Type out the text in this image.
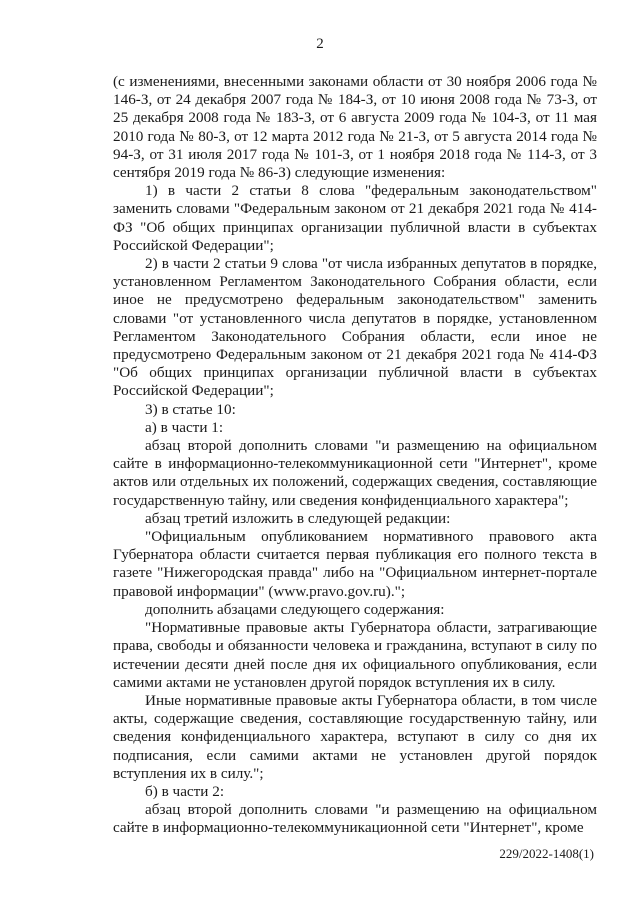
2

(с изменениями, внесенными законами области от 30 ноября 2006 года № 146-З, от 24 декабря 2007 года № 184-З, от 10 июня 2008 года № 73-З, от 25 декабря 2008 года № 183-З, от 6 августа 2009 года № 104-З, от 11 мая 2010 года № 80-З, от 12 марта 2012 года № 21-З, от 5 августа 2014 года № 94-З, от 31 июля 2017 года № 101-З, от 1 ноября 2018 года № 114-З, от 3 сентября 2019 года № 86-З) следующие изменения:

1) в части 2 статьи 8 слова "федеральным законодательством" заменить словами "Федеральным законом от 21 декабря 2021 года № 414-ФЗ "Об общих принципах организации публичной власти в субъектах Российской Федерации";

2) в части 2 статьи 9 слова "от числа избранных депутатов в порядке, установленном Регламентом Законодательного Собрания области, если иное не предусмотрено федеральным законодательством" заменить словами "от установленного числа депутатов в порядке, установленном Регламентом Законодательного Собрания области, если иное не предусмотрено Федеральным законом от 21 декабря 2021 года № 414-ФЗ "Об общих принципах организации публичной власти в субъектах Российской Федерации";

3) в статье 10:

а) в части 1:

абзац второй дополнить словами "и размещению на официальном сайте в информационно-телекоммуникационной сети "Интернет", кроме актов или отдельных их положений, содержащих сведения, составляющие государственную тайну, или сведения конфиденциального характера";

абзац третий изложить в следующей редакции:

"Официальным опубликованием нормативного правового акта Губернатора области считается первая публикация его полного текста в газете "Нижегородская правда" либо на "Официальном интернет-портале правовой информации" (www.pravo.gov.ru).";

дополнить абзацами следующего содержания:

"Нормативные правовые акты Губернатора области, затрагивающие права, свободы и обязанности человека и гражданина, вступают в силу по истечении десяти дней после дня их официального опубликования, если самими актами не установлен другой порядок вступления их в силу.

Иные нормативные правовые акты Губернатора области, в том числе акты, содержащие сведения, составляющие государственную тайну, или сведения конфиденциального характера, вступают в силу со дня их подписания, если самими актами не установлен другой порядок вступления их в силу.";

б) в части 2:

абзац второй дополнить словами "и размещению на официальном сайте в информационно-телекоммуникационной сети "Интернет", кроме

229/2022-1408(1)
